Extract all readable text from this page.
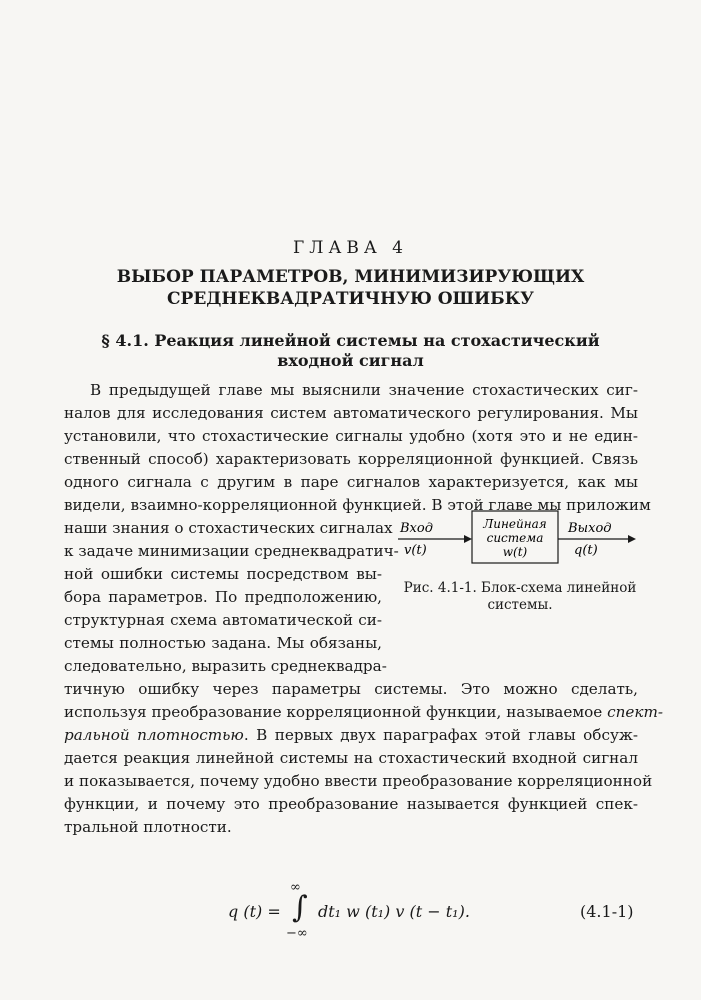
ГЛАВА 4
ВЫБОР ПАРАМЕТРОВ, МИНИМИЗИРУЮЩИХ
СРЕДНЕКВАДРАТИЧНУЮ ОШИБКУ
§ 4.1. Реакция линейной системы на стохастический
входной сигнал
В предыдущей главе мы выяснили значение стохастических сиг-
налов для исследования систем автоматического регулирования. Мы
установили, что стохастические сигналы удобно (хотя это и не един-
ственный способ) характеризовать корреляционной функцией. Связь
одного сигнала с другим в паре сигналов характеризуется, как мы
видели, взаимно-корреляционной функцией. В этой главе мы приложим
наши знания о стохастических сигналах
к задаче минимизации среднеквадратич-
ной ошибки системы посредством вы-
бора параметров. По предположению,
структурная схема автоматической си-
стемы полностью задана. Мы обязаны,
следовательно, выразить среднеквадра-
тичную ошибку через параметры системы. Это можно сделать,
используя преобразование корреляционной функции, называемое спект-
ральной плотностью. В первых двух параграфах этой главы обсуж-
дается реакция линейной системы на стохастический входной сигнал
и показывается, почему удобно ввести преобразование корреляционной
функции, и почему это преобразование называется функцией спек-
тральной плотности.
Вход
v(t)
Линейная
система
w(t)
Выход
q(t)
Рис. 4.1-1. Блок-схема линейной
системы.
q (t) =
∞
∫
−∞
dt₁ w (t₁) v (t − t₁).	(4.1-1)
